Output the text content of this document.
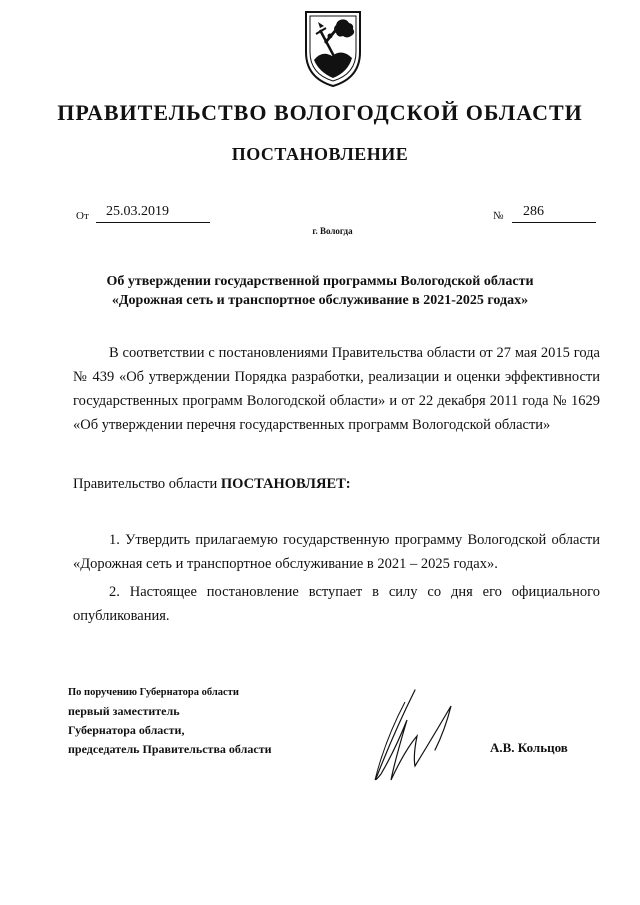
ПРАВИТЕЛЬСТВО ВОЛОГОДСКОЙ ОБЛАСТИ
ПОСТАНОВЛЕНИЕ
От 25.03.2019	№ 286
г. Вологда
Об утверждении государственной программы Вологодской области
«Дорожная сеть и транспортное обслуживание в 2021-2025 годах»

В соответствии с постановлениями Правительства области от 27 мая 2015 года № 439 «Об утверждении Порядка разработки, реализации и оценки эффективности государственных программ Вологодской области» и от 22 декабря 2011 года № 1629 «Об утверждении перечня государственных программ Вологодской области»

Правительство области ПОСТАНОВЛЯЕТ:

1. Утвердить прилагаемую государственную программу Вологодской области «Дорожная сеть и транспортное обслуживание в 2021 – 2025 годах».

2. Настоящее постановление вступает в силу со дня его официального опубликования.

По поручению Губернатора области
первый заместитель
Губернатора области,
председатель Правительства области	А.В. Кольцов
